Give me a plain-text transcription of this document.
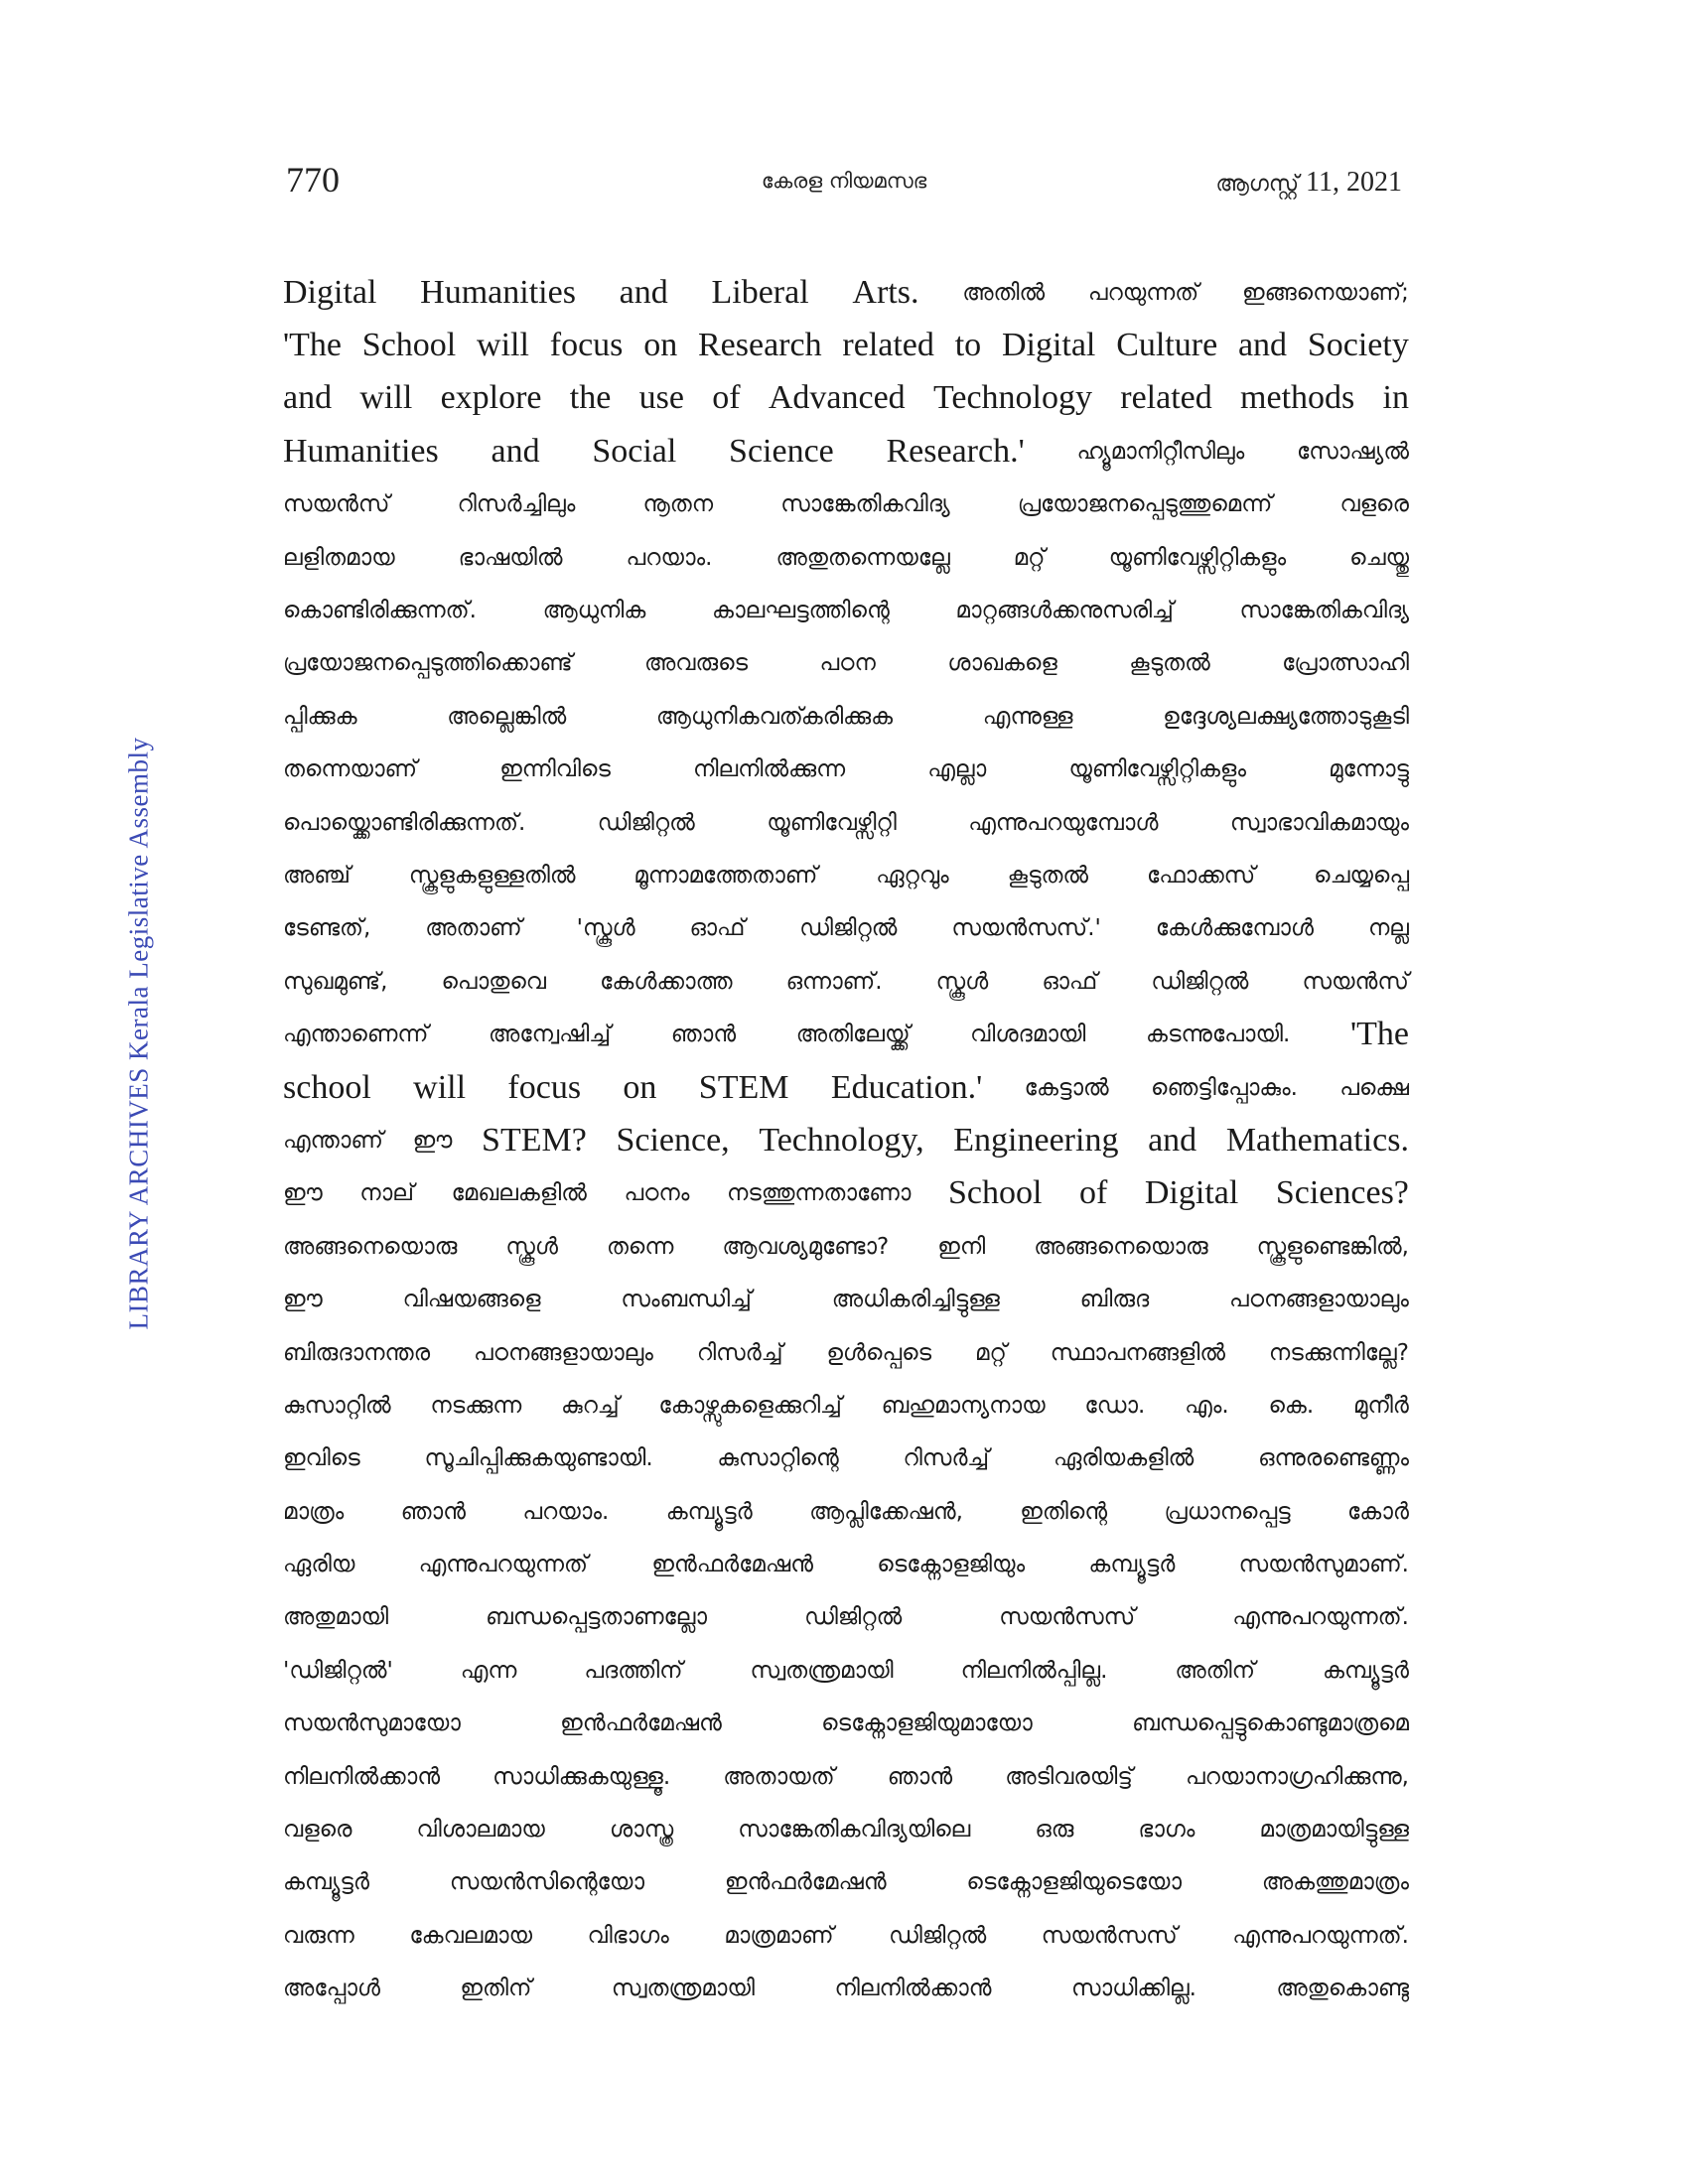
770	കേരള നിയമസഭ	ആഗസ്റ്റ് 11, 2021
LIBRARY ARCHIVES Kerala Legislative Assembly
Digital Humanities and Liberal Arts. അതിൽ പറയുന്നത് ഇങ്ങനെയാണ്;
'The School will focus on Research related to Digital Culture and Society
and will explore the use of Advanced Technology related methods in
Humanities and Social Science Research.' ഹ്യൂമാനിറ്റീസിലും സോഷ്യൽ
സയൻസ്	റിസർച്ചിലും	നൂതന	സാങ്കേതികവിദ്യ	പ്രയോജനപ്പെടുത്തുമെന്ന്	വളരെ
ലളിതമായ	ഭാഷയിൽ	പറയാം.	അതുതന്നെയല്ലേ	മറ്റ്	യൂണിവേഴ്സിറ്റികളും	ചെയ്തു
കൊണ്ടിരിക്കുന്നത്.	ആധുനിക	കാലഘട്ടത്തിന്റെ	മാറ്റങ്ങൾക്കനുസരിച്ച്	സാങ്കേതികവിദ്യ
പ്രയോജനപ്പെടുത്തിക്കൊണ്ട്	അവരുടെ	പഠന	ശാഖകളെ	കൂടുതൽ	പ്രോത്സാഹി
പ്പിക്കുക	അല്ലെങ്കിൽ	ആധുനികവത്കരിക്കുക	എന്നുള്ള	ഉദ്ദേശ്യലക്ഷ്യത്തോടുകൂടി
തന്നെയാണ്	ഇന്നിവിടെ	നിലനിൽക്കുന്ന	എല്ലാ	യൂണിവേഴ്സിറ്റികളും	മുന്നോട്ടു
പൊയ്ക്കൊണ്ടിരിക്കുന്നത്.	ഡിജിറ്റൽ	യൂണിവേഴ്സിറ്റി	എന്നുപറയുമ്പോൾ	സ്വാഭാവികമായും
അഞ്ച്	സ്കൂളുകളുള്ളതിൽ	മൂന്നാമത്തേതാണ്	ഏറ്റവും	കൂടുതൽ	ഫോക്കസ്	ചെയ്യപ്പെ
ടേണ്ടത്, അതാണ് 'സ്കൂൾ ഓഫ് ഡിജിറ്റൽ സയൻസസ്.' കേൾക്കുമ്പോൾ നല്ല
സുഖമുണ്ട്, പൊതുവെ കേൾക്കാത്ത ഒന്നാണ്. സ്കൂൾ ഓഫ് ഡിജിറ്റൽ സയൻസ്
എന്താണെന്ന്	അന്വേഷിച്ച്	ഞാൻ	അതിലേയ്ക്ക്	വിശദമായി	കടന്നുപോയി. 'The
school will focus on STEM Education.' കേട്ടാൽ ഞെട്ടിപ്പോകും. പക്ഷെ
എന്താണ് ഈ STEM? Science, Technology, Engineering and Mathematics.
ഈ നാല് മേഖലകളിൽ പഠനം നടത്തുന്നതാണോ School of Digital Sciences?
അങ്ങനെയൊരു സ്കൂൾ തന്നെ ആവശ്യമുണ്ടോ? ഇനി അങ്ങനെയൊരു സ്കൂളുണ്ടെങ്കിൽ,
ഈ	വിഷയങ്ങളെ	സംബന്ധിച്ച്	അധികരിച്ചിട്ടുള്ള	ബിരുദ	പഠനങ്ങളായാലും
ബിരുദാനന്തര പഠനങ്ങളായാലും റിസർച്ച് ഉൾപ്പെടെ മറ്റ് സ്ഥാപനങ്ങളിൽ നടക്കുന്നില്ലേ?
കുസാറ്റിൽ നടക്കുന്ന കുറച്ച് കോഴ്സുകളെക്കുറിച്ച് ബഹുമാന്യനായ ഡോ. എം. കെ. മുനീർ
ഇവിടെ	സൂചിപ്പിക്കുകയുണ്ടായി.	കുസാറ്റിന്റെ	റിസർച്ച്	ഏരിയകളിൽ	ഒന്നുരണ്ടെണ്ണം
മാത്രം ഞാൻ പറയാം. കമ്പ്യൂട്ടർ ആപ്ലിക്കേഷൻ, ഇതിന്റെ പ്രധാനപ്പെട്ട കോർ
ഏരിയ	എന്നുപറയുന്നത്	ഇൻഫർമേഷൻ	ടെക്നോളജിയും	കമ്പ്യൂട്ടർ	സയൻസുമാണ്.
അതുമായി	ബന്ധപ്പെട്ടതാണല്ലോ	ഡിജിറ്റൽ	സയൻസസ്	എന്നുപറയുന്നത്.
'ഡിജിറ്റൽ'	എന്ന	പദത്തിന്	സ്വതന്ത്രമായി	നിലനിൽപ്പില്ല.	അതിന്	കമ്പ്യൂട്ടർ
സയൻസുമായോ	ഇൻഫർമേഷൻ	ടെക്നോളജിയുമായോ	ബന്ധപ്പെട്ടുകൊണ്ടുമാത്രമെ
നിലനിൽക്കാൻ സാധിക്കുകയുള്ളൂ. അതായത് ഞാൻ അടിവരയിട്ട് പറയാനാഗ്രഹിക്കുന്നു,
വളരെ	വിശാലമായ	ശാസ്ത്ര	സാങ്കേതികവിദ്യയിലെ	ഒരു	ഭാഗം	മാത്രമായിട്ടുള്ള
കമ്പ്യൂട്ടർ	സയൻസിന്റെയോ	ഇൻഫർമേഷൻ	ടെക്നോളജിയുടെയോ	അകത്തുമാത്രം
വരുന്ന കേവലമായ വിഭാഗം മാത്രമാണ് ഡിജിറ്റൽ സയൻസസ് എന്നുപറയുന്നത്.
അപ്പോൾ	ഇതിന്	സ്വതന്ത്രമായി	നിലനിൽക്കാൻ	സാധിക്കില്ല.	അതുകൊണ്ടു
